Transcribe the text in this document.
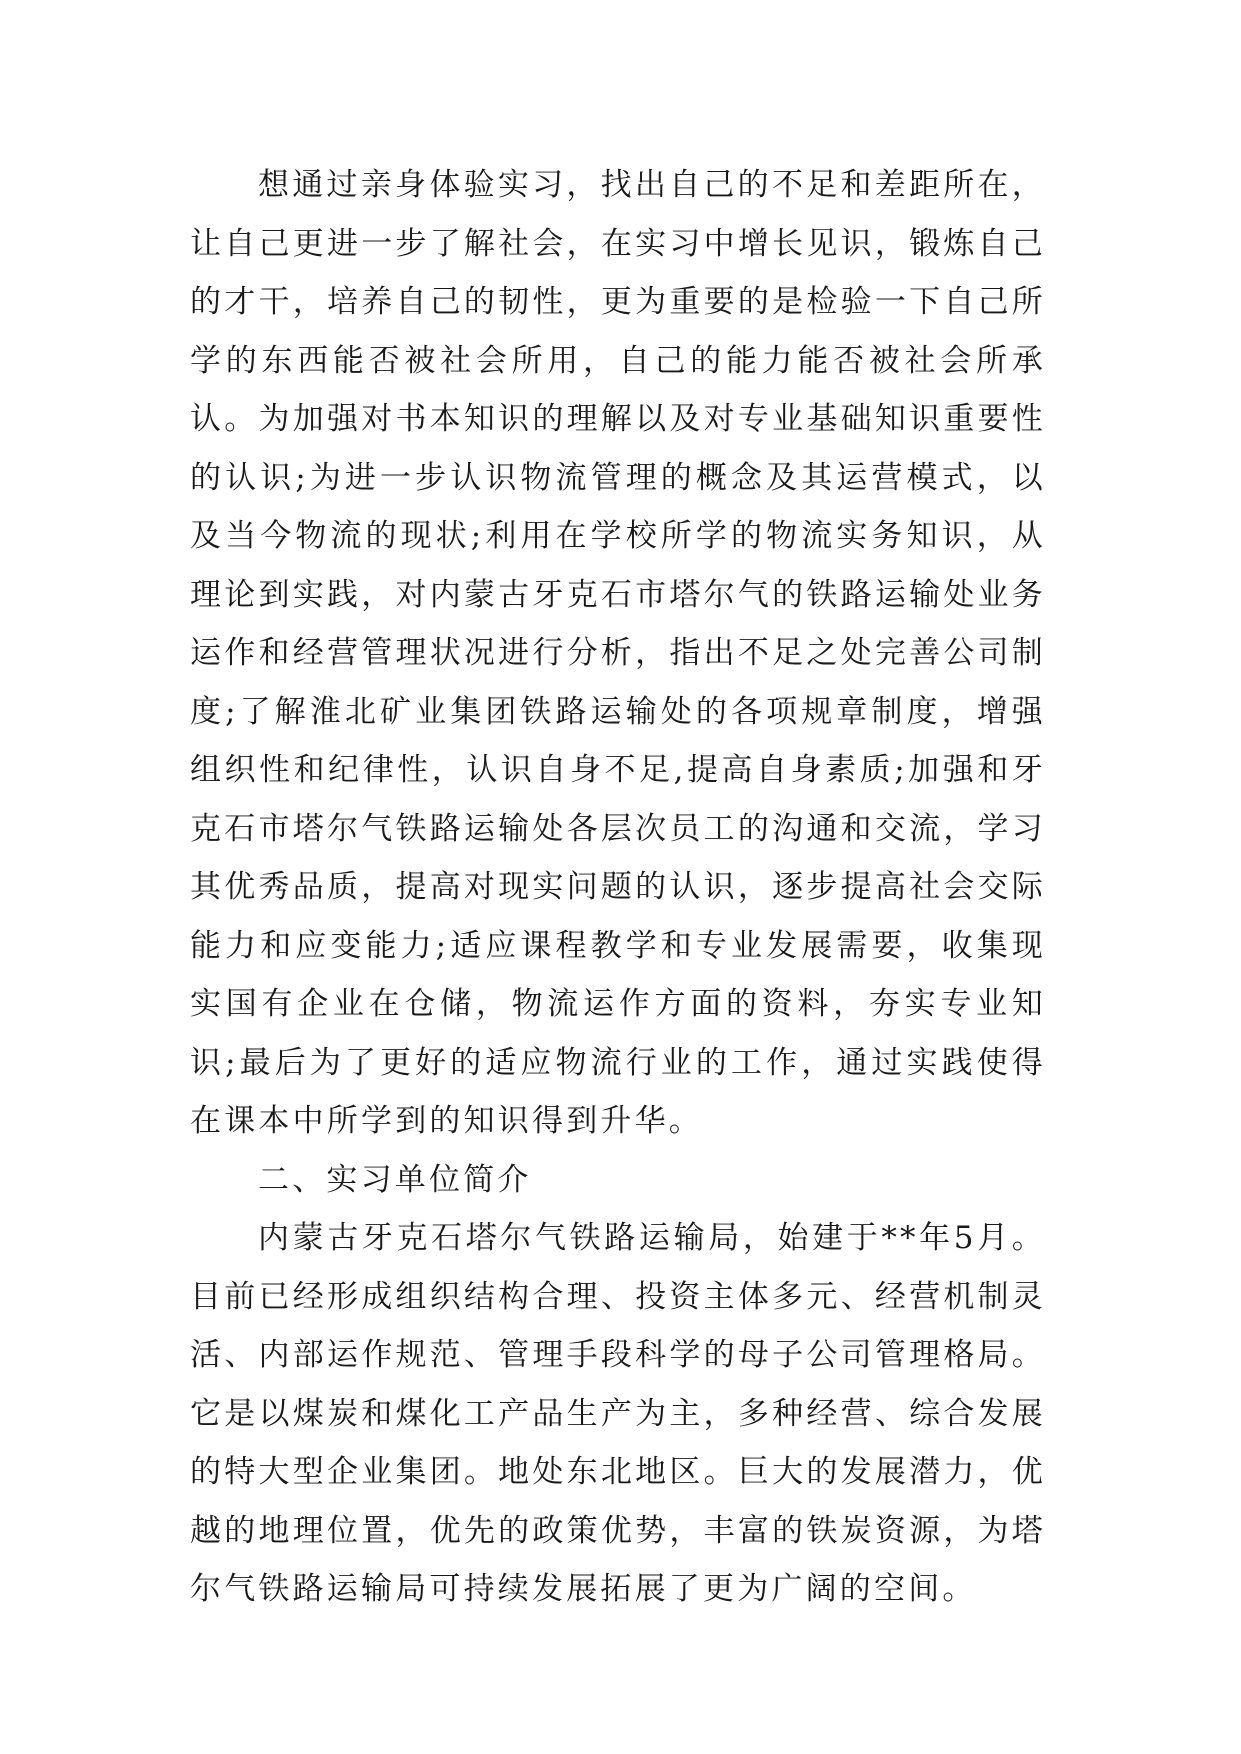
想通过亲身体验实习，找出自己的不足和差距所在，让自己更进一步了解社会，在实习中增长见识，锻炼自己的才干，培养自己的韧性，更为重要的是检验一下自己所学的东西能否被社会所用，自己的能力能否被社会所承认。为加强对书本知识的理解以及对专业基础知识重要性的认识;为进一步认识物流管理的概念及其运营模式，以及当今物流的现状;利用在学校所学的物流实务知识，从理论到实践，对内蒙古牙克石市塔尔气的铁路运输处业务运作和经营管理状况进行分析，指出不足之处完善公司制度;了解淮北矿业集团铁路运输处的各项规章制度，增强组织性和纪律性，认识自身不足,提高自身素质;加强和牙克石市塔尔气铁路运输处各层次员工的沟通和交流，学习其优秀品质，提高对现实问题的认识，逐步提高社会交际能力和应变能力;适应课程教学和专业发展需要，收集现实国有企业在仓储，物流运作方面的资料，夯实专业知识;最后为了更好的适应物流行业的工作，通过实践使得在课本中所学到的知识得到升华。

二、实习单位简介

内蒙古牙克石塔尔气铁路运输局，始建于**年5月。目前已经形成组织结构合理、投资主体多元、经营机制灵活、内部运作规范、管理手段科学的母子公司管理格局。它是以煤炭和煤化工产品生产为主，多种经营、综合发展的特大型企业集团。地处东北地区。巨大的发展潜力，优越的地理位置，优先的政策优势，丰富的铁炭资源，为塔尔气铁路运输局可持续发展拓展了更为广阔的空间。
